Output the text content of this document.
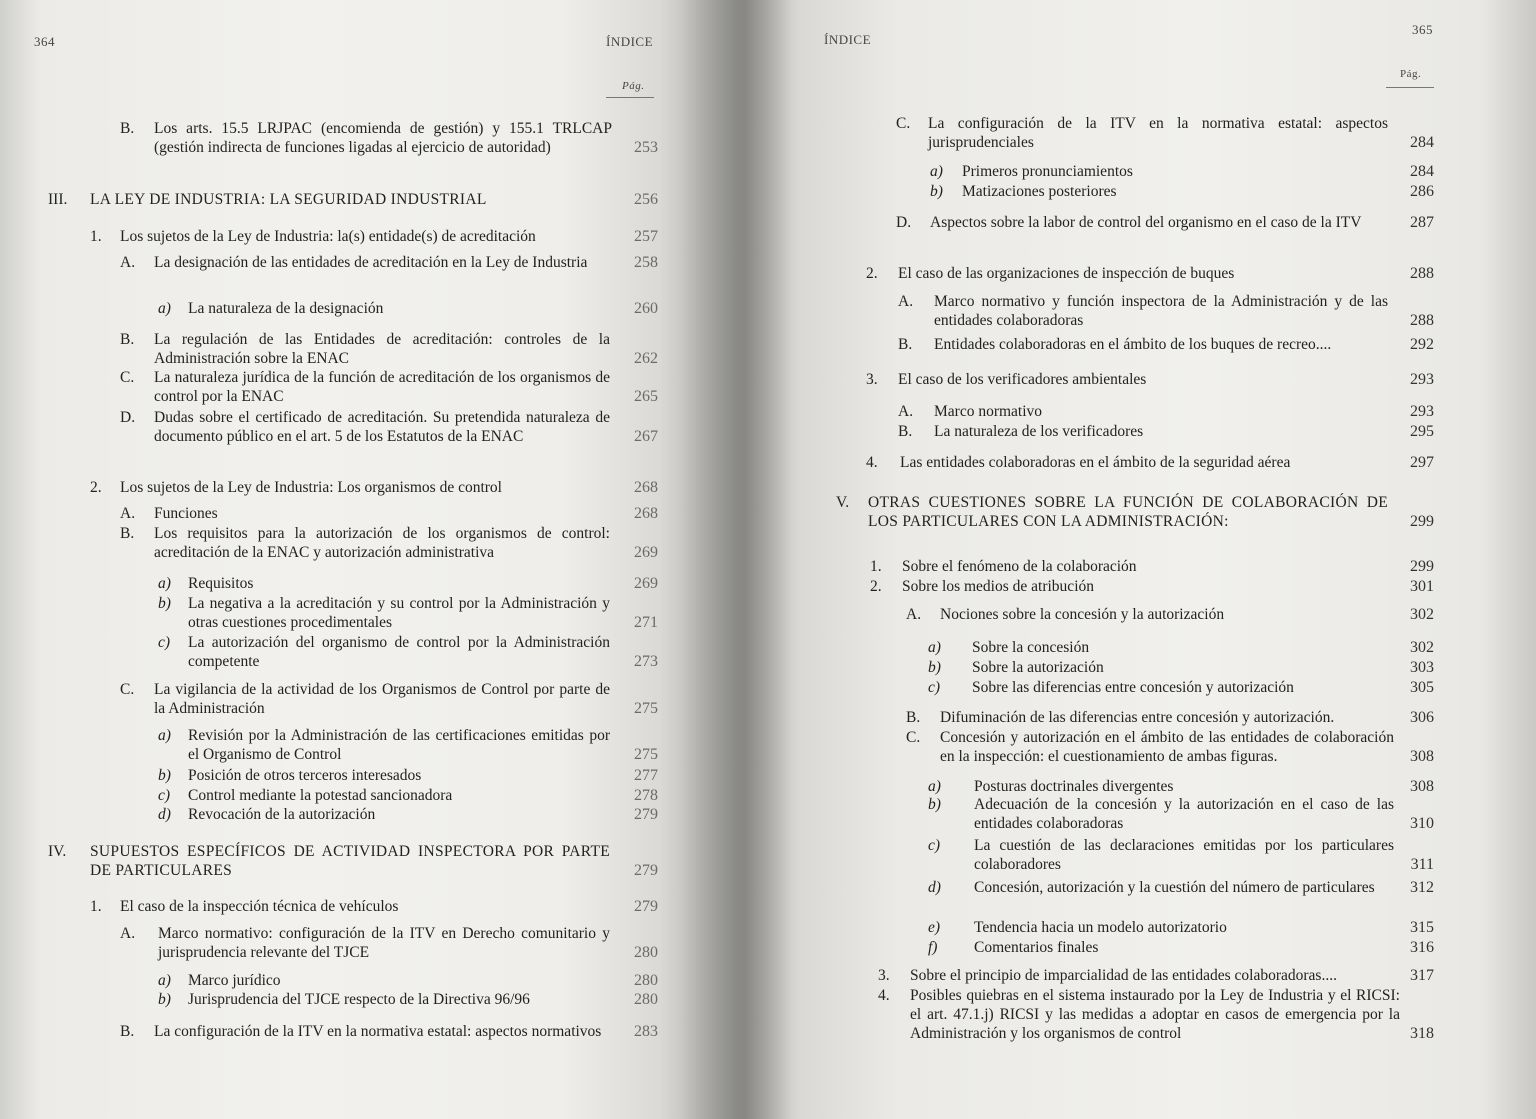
364	ÍNDICE
Pág.
B. Los arts. 15.5 LRJPAC (encomienda de gestión) y 155.1 TRLCAP (gestión indirecta de funciones ligadas al ejercicio de autoridad)	253
III. LA LEY DE INDUSTRIA: LA SEGURIDAD INDUSTRIAL	256
1. Los sujetos de la Ley de Industria: la(s) entidade(s) de acreditación	257
A. La designación de las entidades de acreditación en la Ley de Industria	258
a) La naturaleza de la designación	260
B. La regulación de las Entidades de acreditación: controles de la Administración sobre la ENAC	262
C. La naturaleza jurídica de la función de acreditación de los organismos de control por la ENAC	265
D. Dudas sobre el certificado de acreditación. Su pretendida naturaleza de documento público en el art. 5 de los Estatutos de la ENAC	267
2. Los sujetos de la Ley de Industria: Los organismos de control	268
A. Funciones	268
B. Los requisitos para la autorización de los organismos de control: acreditación de la ENAC y autorización administrativa	269
a) Requisitos	269
b) La negativa a la acreditación y su control por la Administración y otras cuestiones procedimentales	271
c) La autorización del organismo de control por la Administración competente	273
C. La vigilancia de la actividad de los Organismos de Control por parte de la Administración	275
a) Revisión por la Administración de las certificaciones emitidas por el Organismo de Control	275
b) Posición de otros terceros interesados	277
c) Control mediante la potestad sancionadora	278
d) Revocación de la autorización	279
IV. SUPUESTOS ESPECÍFICOS DE ACTIVIDAD INSPECTORA POR PARTE DE PARTICULARES	279
1. El caso de la inspección técnica de vehículos	279
A. Marco normativo: configuración de la ITV en Derecho comunitario y jurisprudencia relevante del TJCE	280
a) Marco jurídico	280
b) Jurisprudencia del TJCE respecto de la Directiva 96/96	280
B. La configuración de la ITV en la normativa estatal: aspectos normativos	283
365
ÍNDICE
Pág.
C. La configuración de la ITV en la normativa estatal: aspectos jurisprudenciales	284
a) Primeros pronunciamientos	284
b) Matizaciones posteriores	286
D. Aspectos sobre la labor de control del organismo en el caso de la ITV	287
2. El caso de las organizaciones de inspección de buques	288
A. Marco normativo y función inspectora de la Administración y de las entidades colaboradoras	288
B. Entidades colaboradoras en el ámbito de los buques de recreo....	292
3. El caso de los verificadores ambientales	293
A. Marco normativo	293
B. La naturaleza de los verificadores	295
4. Las entidades colaboradoras en el ámbito de la seguridad aérea	297
V. OTRAS CUESTIONES SOBRE LA FUNCIÓN DE COLABORACIÓN DE LOS PARTICULARES CON LA ADMINISTRACIÓN:	299
1. Sobre el fenómeno de la colaboración	299
2. Sobre los medios de atribución	301
A. Nociones sobre la concesión y la autorización	302
a) Sobre la concesión	302
b) Sobre la autorización	303
c) Sobre las diferencias entre concesión y autorización	305
B. Difuminación de las diferencias entre concesión y autorización.	306
C. Concesión y autorización en el ámbito de las entidades de colaboración en la inspección: el cuestionamiento de ambas figuras.	308
a) Posturas doctrinales divergentes	308
b) Adecuación de la concesión y la autorización en el caso de las entidades colaboradoras	310
c) La cuestión de las declaraciones emitidas por los particulares colaboradores	311
d) Concesión, autorización y la cuestión del número de particulares	312
e) Tendencia hacia un modelo autorizatorio	315
f) Comentarios finales	316
3. Sobre el principio de imparcialidad de las entidades colaboradoras....	317
4. Posibles quiebras en el sistema instaurado por la Ley de Industria y el RICSI: el art. 47.1.j) RICSI y las medidas a adoptar en casos de emergencia por la Administración y los organismos de control	318
